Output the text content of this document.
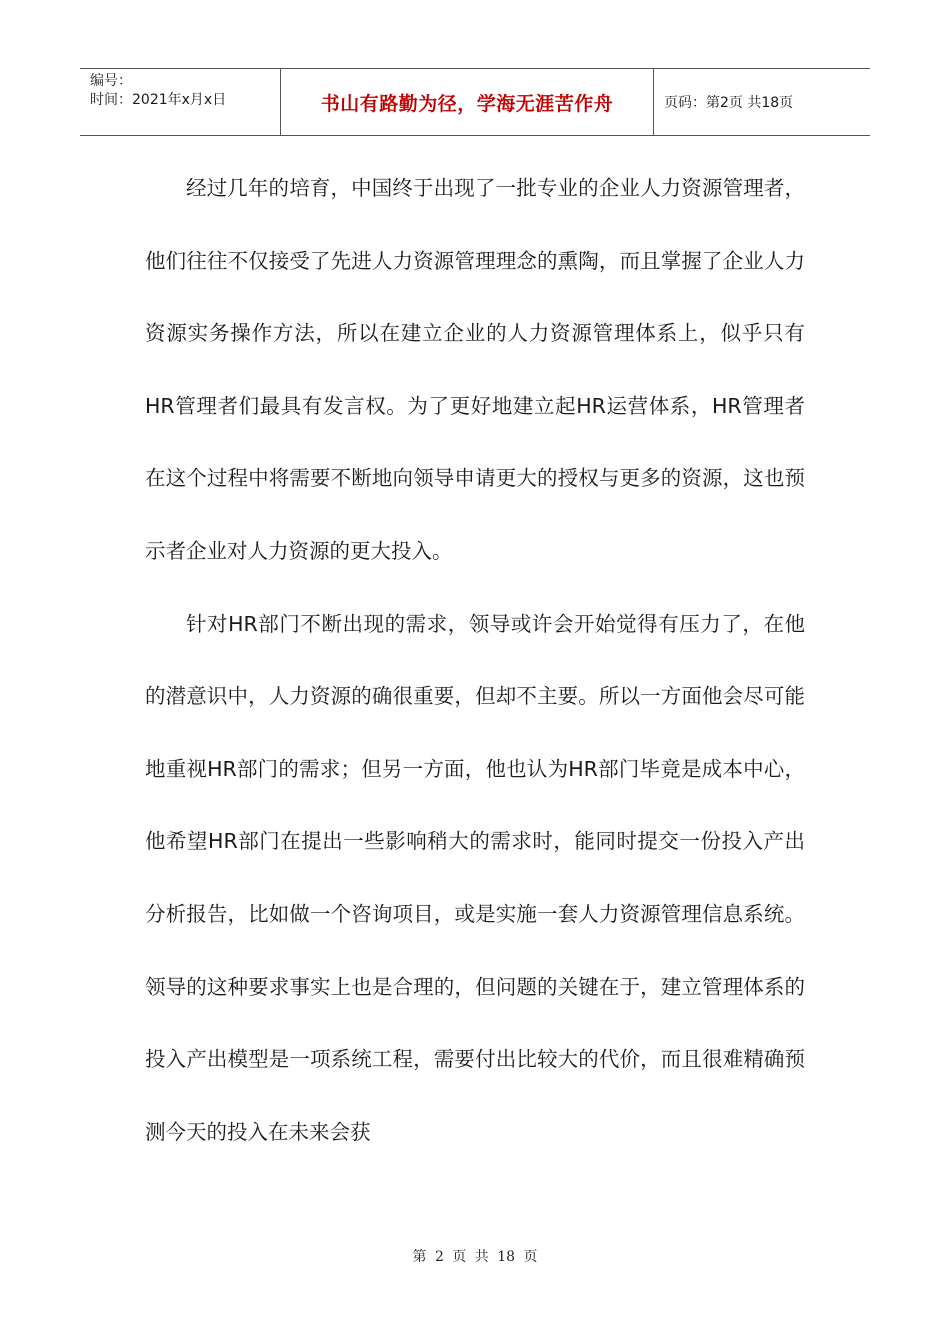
编号：
时间：2021年x月x日	书山有路勤为径，学海无涯苦作舟	页码：第2页 共18页

经过几年的培育，中国终于出现了一批专业的企业人力资源管理者，他们往往不仅接受了先进人力资源管理理念的熏陶，而且掌握了企业人力资源实务操作方法，所以在建立企业的人力资源管理体系上，似乎只有HR管理者们最具有发言权。为了更好地建立起HR运营体系，HR管理者在这个过程中将需要不断地向领导申请更大的授权与更多的资源，这也预示者企业对人力资源的更大投入。

针对HR部门不断出现的需求，领导或许会开始觉得有压力了，在他的潜意识中，人力资源的确很重要，但却不主要。所以一方面他会尽可能地重视HR部门的需求；但另一方面，他也认为HR部门毕竟是成本中心，他希望HR部门在提出一些影响稍大的需求时，能同时提交一份投入产出分析报告，比如做一个咨询项目，或是实施一套人力资源管理信息系统。领导的这种要求事实上也是合理的，但问题的关键在于，建立管理体系的投入产出模型是一项系统工程，需要付出比较大的代价，而且很难精确预测今天的投入在未来会获

第 2 页 共 18 页
